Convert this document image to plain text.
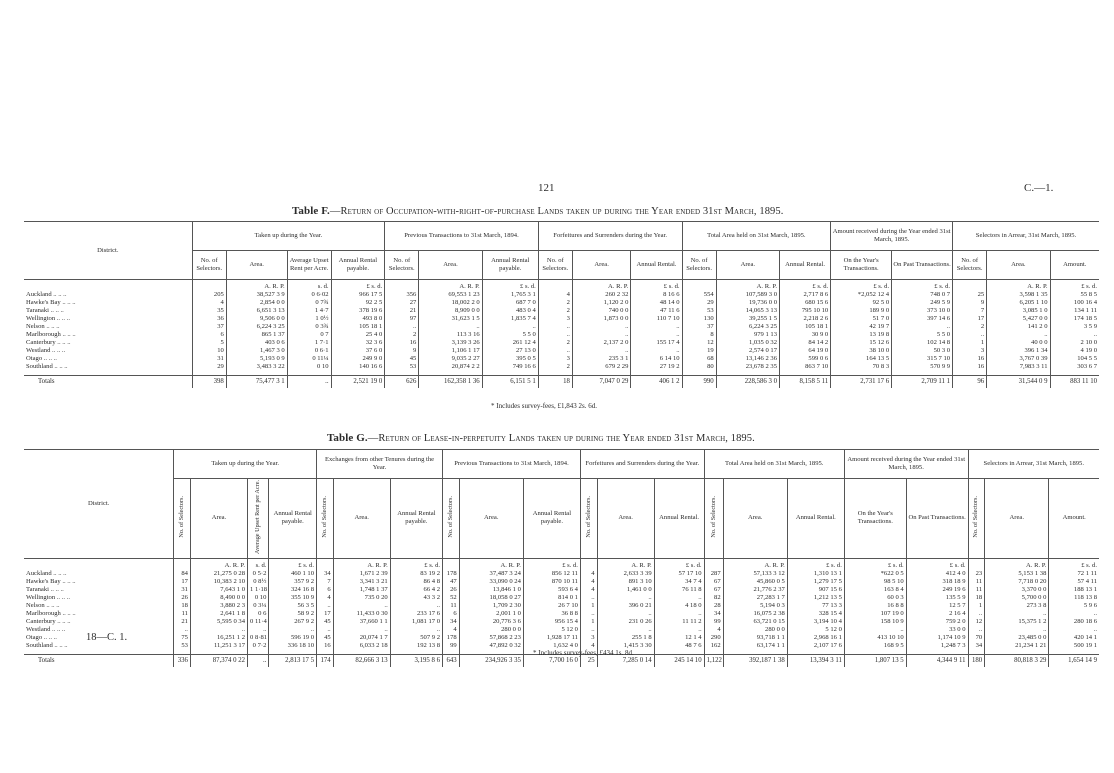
121	C.—1.
Table F.—Return of Occupation-with-right-of-purchase Lands taken up during the Year ended 31st March, 1895.
District.	Taken up during the Year.				Previous Transactions to 31st March, 1894.			Forfeitures and Surrenders during the Year.			Total Area held on 31st March, 1895.			Amount received during the Year ended 31st March, 1895.		Selectors in Arrear, 31st March, 1895.		
	No. of Selectors.	Area.	Average Upset Rent per Acre.	Annual Rental payable.	No. of Selectors.	Area.	Annual Rental payable.	No. of Selectors.	Area.	Annual Rental.	No. of Selectors.	Area.	Annual Rental.	On the Year's Transactions.	On Past Transactions.	No. of Selectors.	Area.	Amount.
		A. R. P.	s. d.	£ s. d.		A. R. P.	£ s. d.		A. R. P.	£ s. d.		A. R. P.	£ s. d.	£ s. d.	£ s. d.		A. R. P.	£ s. d.
Auckland .. .. ..	205	38,527 3 9	0 6·02	966 17 5	356	69,553 1 23	1,765 3 1	4	260 2 32	8 16 6	554	107,589 3 0	2,717 8 6	*2,052 12 4	748 0 7	25	3,598 1 35	55 8 5
Hawke's Bay .. .. ..	4	2,854 0 0	0 7¾	92 2 5	27	18,002 2 0	687 7 0	2	1,120 2 0	48 14 0	29	19,736 0 0	680 15 6	92 5 0	249 5 9	9	6,205 1 10	100 16 4
Taranaki .. .. ..	35	6,651 3 13	1 4·7	378 19 6	21	8,909 0 0	483 0 4	2	740 0 0	47 11 6	53	14,065 3 13	795 10 10	189 9 0	373 10 0	7	3,085 1 0	134 1 11
Wellington .. .. ..	36	9,506 0 0	1 0½	493 8 0	97	31,623 1 5	1,835 7 4	3	1,873 0 0	110 7 10	130	39,255 1 5	2,218 2 6	51 7 0	397 14 6	17	5,427 0 0	174 18 5
Nelson .. .. ..	37	6,224 3 25	0 3¾	105 18 1	..	..	..	..	..	..	37	6,224 3 25	105 18 1	42 19 7	..	2	141 2 0	3 5 9
Marlborough .. .. ..	6	865 1 37	0 7	25 4 0	2	113 3 16	5 5 0	..	..	..	8	979 1 13	30 9 0	13 19 8	5 5 0	..	..	..
Canterbury .. .. ..	5	403 0 6	1 7·1	32 3 6	16	3,139 3 26	261 12 4	2	2,137 2 0	155 17 4	12	1,035 0 32	84 14 2	15 12 6	102 14 8	1	40 0 0	2 10 0
Westland .. .. ..	10	1,467 3 0	0 6·1	37 6 0	9	1,106 1 17	27 13 0	..	..	..	19	2,574 0 17	64 19 0	38 10 0	50 3 0	3	396 1 34	4 19 0
Otago .. .. ..	31	5,193 0 9	0 11¼	249 9 0	45	9,035 2 27	395 0 5	3	235 3 1	6 14 10	68	13,146 2 36	599 0 6	164 13 5	315 7 10	16	3,767 0 39	104 5 5
Southland .. .. ..	29	3,483 3 22	0 10	140 16 6	53	20,874 2 2	749 16 6	2	679 2 29	27 19 2	80	23,678 2 35	863 7 10	70 8 3	570 9 9	16	7,983 3 11	303 6 7
Totals	398	75,477 3 1	..	2,521 19 0	626	162,358 1 36	6,151 5 1	18	7,047 0 29	406 1 2	990	228,586 3 0	8,158 5 11	2,731 17 6	2,709 11 1	96	31,544 0 9	883 11 10
* Includes survey-fees, £1,843 2s. 6d.
Table G.—Return of Lease-in-perpetuity Lands taken up during the Year ended 31st March, 1895.
District.	Taken up during the Year.				Exchanges from other Tenures during the Year.			Previous Transactions to 31st March, 1894.			Forfeitures and Surrenders during the Year.			Total Area held on 31st March, 1895.			Amount received during the Year ended 31st March, 1895.		Selectors in Arrear, 31st March, 1895.		
	No. of Selectors.	Area.	Average Upset Rent per Acre.	Annual Rental payable.	No. of Selectors.	Area.	Annual Rental payable.	No. of Selectors.	Area.	Annual Rental payable.	No. of Selectors.	Area.	Annual Rental.	No. of Selectors.	Area.	Annual Rental.	On the Year's Transactions.	On Past Transactions.	No. of Selectors.	Area.	Amount.
		A. R. P.	s. d.	£ s. d.		A. R. P.	£ s. d.		A. R. P.	£ s. d.		A. R. P.	£ s. d.		A. R. P.	£ s. d.	£ s. d.	£ s. d.		A. R. P.	£ s. d.
Auckland .. .. ..	84	21,275 0 28	0 5·2	460 1 10	34	1,671 2 39	83 19 2	178	37,487 3 24	856 12 11	4	2,633 3 39	57 17 10	287	57,133 3 12	1,310 13 1	*622 0 5	412 4 0	23	5,153 1 38	72 1 11
Hawke's Bay .. .. ..	17	10,383 2 10	0 8½	357 9 2	7	3,341 3 21	86 4 8	47	33,090 0 24	870 10 11	4	891 3 10	34 7 4	67	45,860 0 5	1,279 17 5	98 5 10	318 18 9	11	7,718 0 20	57 4 11
Taranaki .. .. ..	31	7,643 1 0	1 1·18	324 16 8	6	1,748 1 37	66 4 2	26	13,846 1 0	593 6 4	4	1,461 0 0	76 11 8	67	21,776 2 37	907 15 6	163 8 4	249 19 6	11	3,370 0 0	188 13 1
Wellington .. .. ..	26	8,490 0 0	0 10	355 10 9	4	735 0 20	43 3 2	52	18,058 0 27	814 0 1	..	..	..	82	27,283 1 7	1,212 13 5	60 0 3	135 5 9	18	5,700 0 0	118 13 8
Nelson .. .. ..	18	3,880 2 3	0 3¼	56 3 5	..	..	..	11	1,709 2 30	26 7 10	1	396 0 21	4 18 0	28	5,194 0 3	77 13 3	16 8 8	12 5 7	1	273 3 8	5 9 6
Marlborough .. .. ..	11	2,641 1 8	0 6	58 9 2	17	11,433 0 30	233 17 6	6	2,001 1 0	36 8 8	..	..	..	34	16,075 2 38	328 15 4	107 19 0	2 16 4	..	..	..
Canterbury .. .. ..	21	5,595 0 34	0 11·4	267 9 2	45	37,660 1 1	1,081 17 0	34	20,776 3 6	956 15 4	1	231 0 26	11 11 2	99	63,721 0 15	3,194 10 4	158 10 9	759 2 0	12	15,375 1 2	280 18 6
Westland .. .. ..	..	..	..	..	..	..	..	4	280 0 0	5 12 0	..	..	..	4	280 0 0	5 12 0	..	33 0 0	..	..	..
Otago .. .. ..	75	16,251 1 2	0 8·81	596 19 0	45	20,074 1 7	507 9 2	178	57,868 2 23	1,928 17 11	3	255 1 8	12 1 4	290	93,718 1 1	2,968 16 1	413 10 10	1,174 10 9	70	23,485 0 0	420 14 1
Southland .. .. ..	53	11,251 3 17	0 7·2	336 18 10	16	6,033 2 18	192 13 8	99	47,892 0 32	1,632 4 0	4	1,415 3 30	48 7 6	162	63,174 1 1	2,107 17 6	168 9 5	1,248 7 3	34	21,234 1 21	500 19 1
Totals	336	87,374 0 22	..	2,813 17 5	174	82,666 3 13	3,195 8 6	643	234,926 3 35	7,700 16 0	25	7,285 0 14	245 14 10	1,122	392,187 1 38	13,394 3 11	1,807 13 5	4,344 9 11	180	80,818 3 29	1,654 14 9
* Includes survey-fees, £434 1s. 8d.
18—C. 1.
